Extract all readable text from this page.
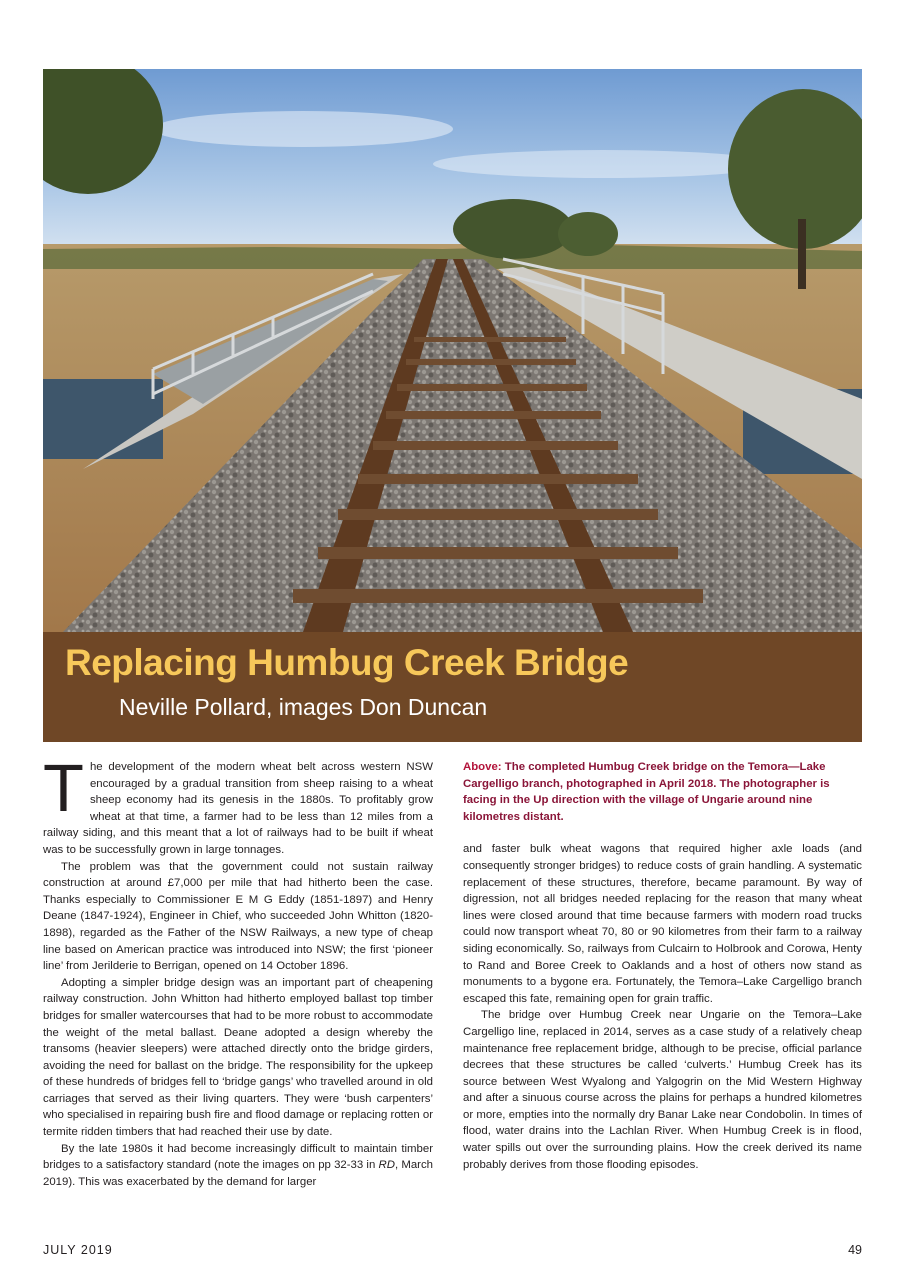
Replacing Humbug Creek Bridge
Neville Pollard, images Don Duncan

The development of the modern wheat belt across western NSW encouraged by a gradual transition from sheep raising to a wheat sheep economy had its genesis in the 1880s. To profitably grow wheat at that time, a farmer had to be less than 12 miles from a railway siding, and this meant that a lot of railways had to be built if wheat was to be successfully grown in large tonnages.

The problem was that the government could not sustain railway construction at around £7,000 per mile that had hitherto been the case. Thanks especially to Commissioner E M G Eddy (1851-1897) and Henry Deane (1847-1924), Engineer in Chief, who succeeded John Whitton (1820-1898), regarded as the Father of the NSW Railways, a new type of cheap line based on American practice was introduced into NSW; the first ‘pioneer line’ from Jerilderie to Berrigan, opened on 14 October 1896.

Adopting a simpler bridge design was an important part of cheapening railway construction. John Whitton had hitherto employed ballast top timber bridges for smaller watercourses that had to be more robust to accommodate the weight of the metal ballast. Deane adopted a design whereby the transoms (heavier sleepers) were attached directly onto the bridge girders, avoiding the need for ballast on the bridge. The responsibility for the upkeep of these hundreds of bridges fell to ‘bridge gangs’ who travelled around in old carriages that served as their living quarters. They were ‘bush carpenters’ who specialised in repairing bush fire and flood damage or replacing rotten or termite ridden timbers that had reached their use by date.

By the late 1980s it had become increasingly difficult to maintain timber bridges to a satisfactory standard (note the images on pp 32-33 in RD, March 2019). This was exacerbated by the demand for larger

Above: The completed Humbug Creek bridge on the Temora—Lake Cargelligo branch, photographed in April 2018. The photographer is facing in the Up direction with the village of Ungarie around nine kilometres distant.

and faster bulk wheat wagons that required higher axle loads (and consequently stronger bridges) to reduce costs of grain handling. A systematic replacement of these structures, therefore, became paramount. By way of digression, not all bridges needed replacing for the reason that many wheat lines were closed around that time because farmers with modern road trucks could now transport wheat 70, 80 or 90 kilometres from their farm to a railway siding economically. So, railways from Culcairn to Holbrook and Corowa, Henty to Rand and Boree Creek to Oaklands and a host of others now stand as monuments to a bygone era. Fortunately, the Temora–Lake Cargelligo branch escaped this fate, remaining open for grain traffic.

The bridge over Humbug Creek near Ungarie on the Temora–Lake Cargelligo line, replaced in 2014, serves as a case study of a relatively cheap maintenance free replacement bridge, although to be precise, official parlance decrees that these structures be called ‘culverts.’ Humbug Creek has its source between West Wyalong and Yalgogrin on the Mid Western Highway and after a sinuous course across the plains for perhaps a hundred kilometres or more, empties into the normally dry Banar Lake near Condobolin. In times of flood, water drains into the Lachlan River. When Humbug Creek is in flood, water spills out over the surrounding plains. How the creek derived its name probably derives from those flooding episodes.

JULY 2019	49
